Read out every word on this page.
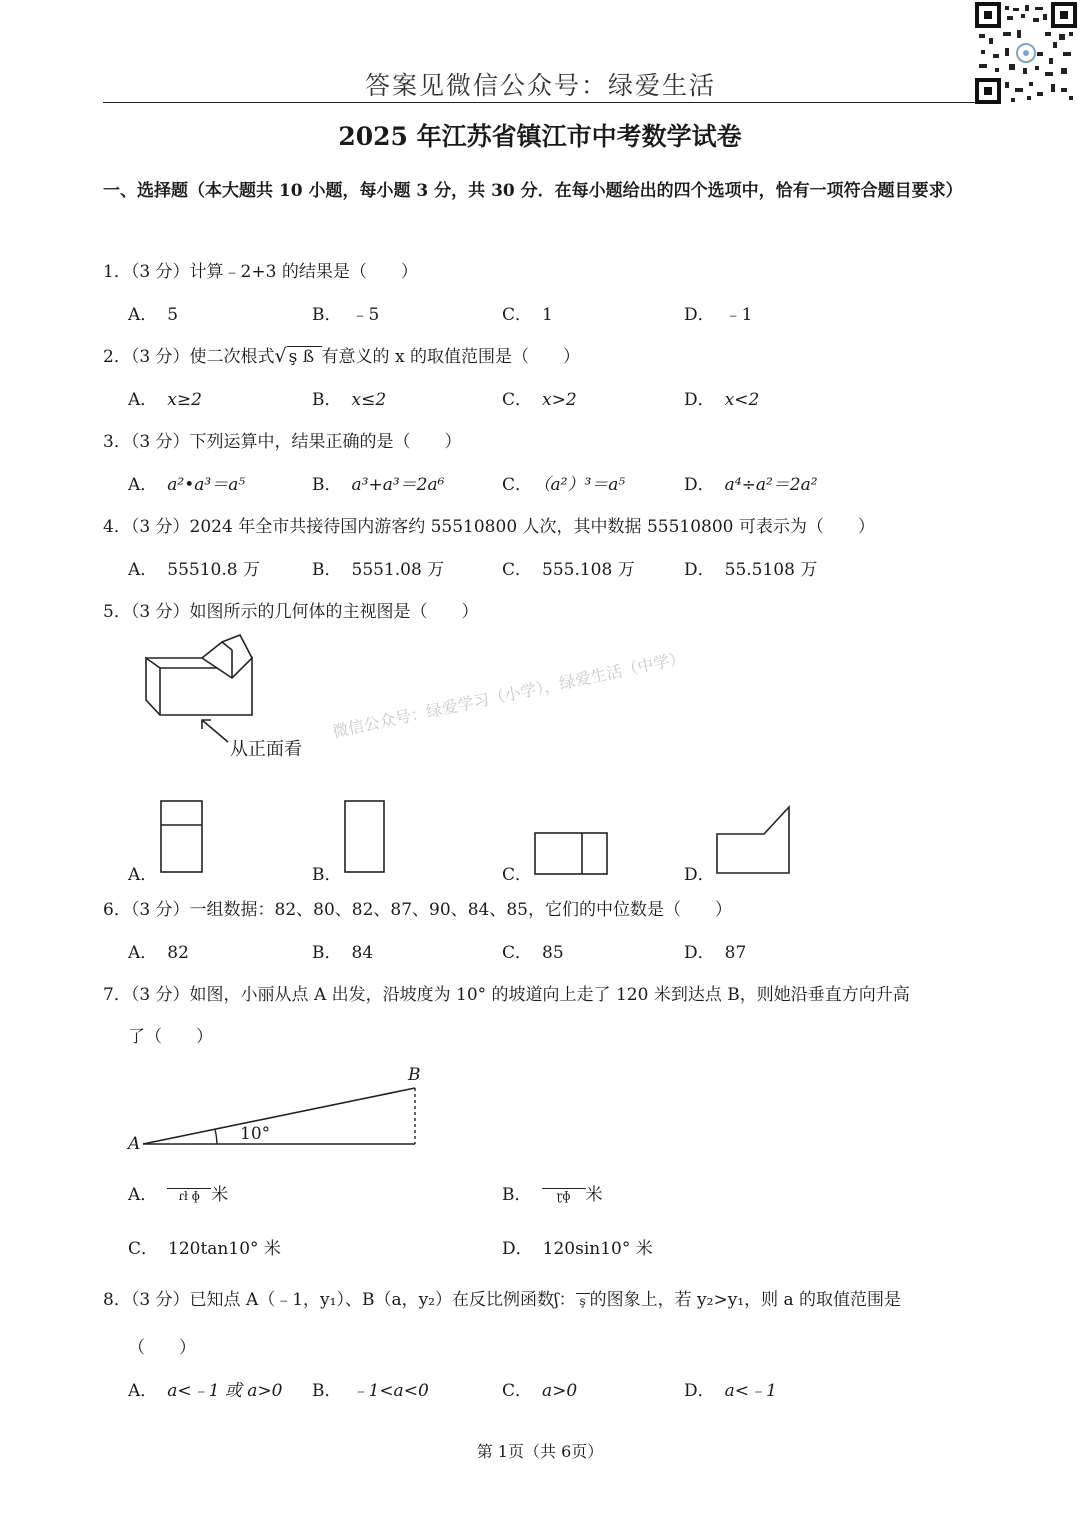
答案见微信公众号：绿爱生活
2025 年江苏省镇江市中考数学试卷
一、选择题（本大题共 10 小题，每小题 3 分，共 30 分．在每小题给出的四个选项中，恰有一项符合题目要求）
微信公众号：绿爱学习（小学），绿爱生活（中学）
1．（3 分）计算﹣2+3 的结果是（　　）
A． 5	B． ﹣5	C． 1	D． ﹣1
2．（3 分）使二次根式√ ş ß 有意义的 x 的取值范围是（　　）
A． x≥2	B． x≤2	C． x>2	D． x<2
3．（3 分）下列运算中，结果正确的是（　　）
A． a²•a³＝a⁵	B． a³+a³＝2a⁶	C． （a²）³＝a⁵	D． a⁴÷a²＝2a²
4．（3 分）2024 年全市共接待国内游客约 55510800 人次，其中数据 55510800 可表示为（　　）
A． 55510.8 万	B． 5551.08 万	C． 555.108 万	D． 55.5108 万
5．（3 分）如图所示的几何体的主视图是（　　）
从正面看
A．	B．	C．	D．
6．（3 分）一组数据：82、80、82、87、90、84、85，它们的中位数是（　　）
A． 82	B． 84	C． 85	D． 87
7．（3 分）如图，小丽从点 A 出发，沿坡度为 10° 的坡道向上走了 120 米到达点 B，则她沿垂直方向升高
了（　　）
A
B
10°
A．	ɾł ɸ 米	B．	ɽɸ 米
C． 120tan10° 米	D． 120sin10° 米
8．（3 分）已知点 A（﹣1，y₁）、B（a，y₂）在反比例函数ʃ： ş 的图象上，若 y₂>y₁，则 a 的取值范围是
（　　）
A． a<﹣1 或 a>0 B． ﹣1<a<0	C． a>0	D． a<﹣1
第 1页（共 6页）
